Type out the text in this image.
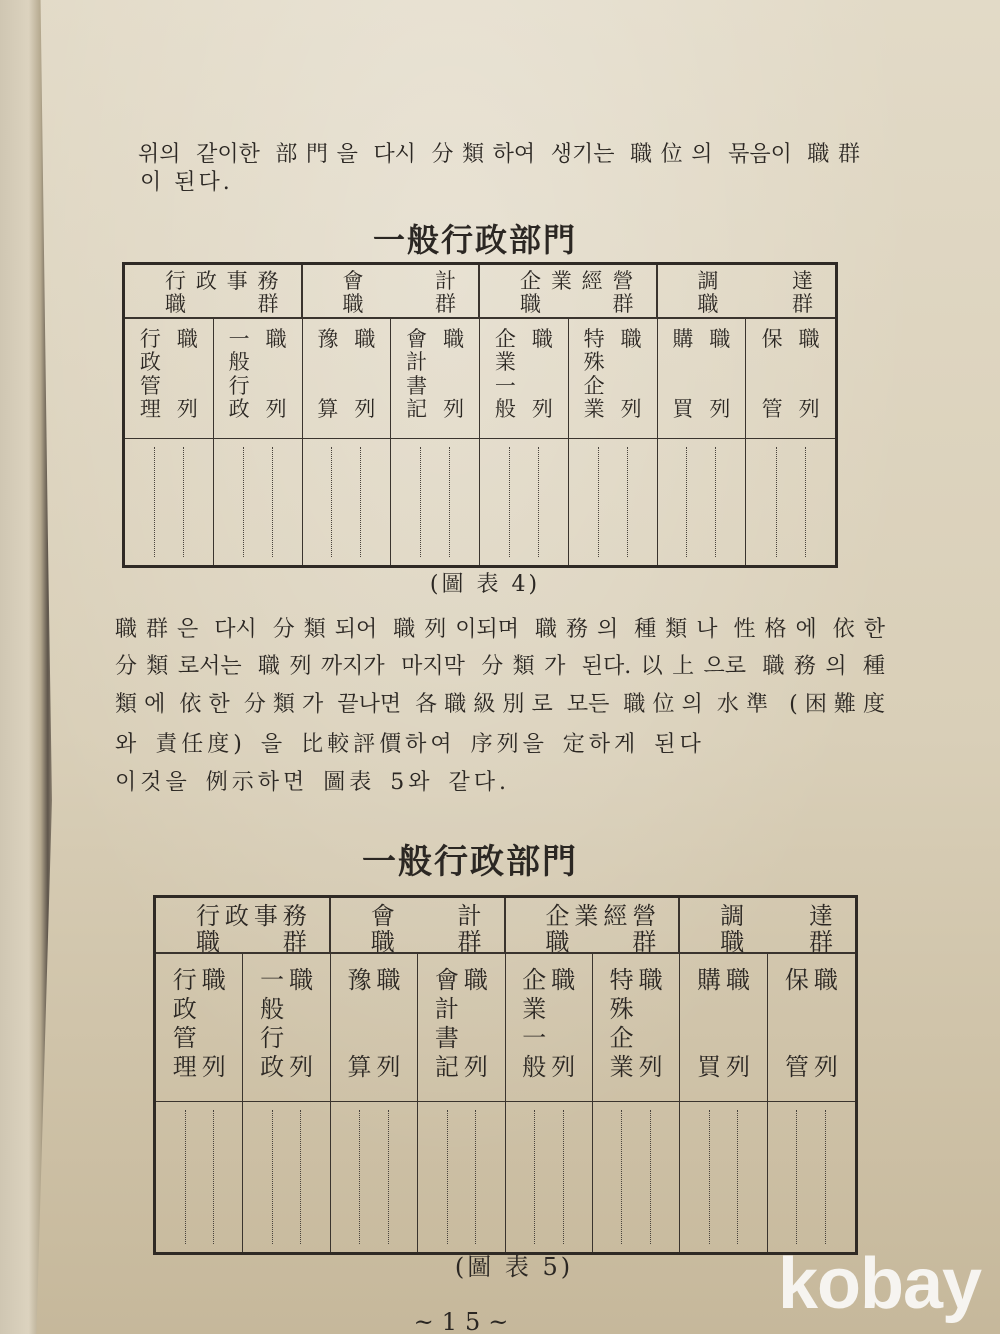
위의 같이한 部門을 다시 分類하여 생기는 職位의 묶음이 職群
이 된다.
一般行政部門
行政事務
職 群
會 計
職 群
企業經營
職 群
調 達
職 群
行
政
管
理
職
列
一
般
行
政
職
列
豫
算
職
列
會
計
書
記
職
列
企
業
一
般
職
列
特
殊
企
業
職
列
購
買
職
列
保
管
職
列
(圖 表 4)
職群은 다시 分類되어 職列이되며 職務의 種類나 性格에 依한
分類로서는 職列까지가 마지막 分類가 된다.以上으로 職務의 種
類에 依한 分類가 끝나면 各職級別로 모든 職位의 水準 (困難度
와 責任度) 을 比較評價하여 序列을 定하게 된다
이것을 例示하면 圖表 5와 같다.
一般行政部門
行政事務
職 群
會 計
職 群
企業經營
職 群
調 達
職 群
行
政
管
理
職
列
一
般
行
政
職
列
豫
算
職
列
會
計
書
記
職
列
企
業
一
般
職
列
特
殊
企
業
職
列
購
買
職
列
保
管
職
列
(圖 表 5)
~15~	kobay
